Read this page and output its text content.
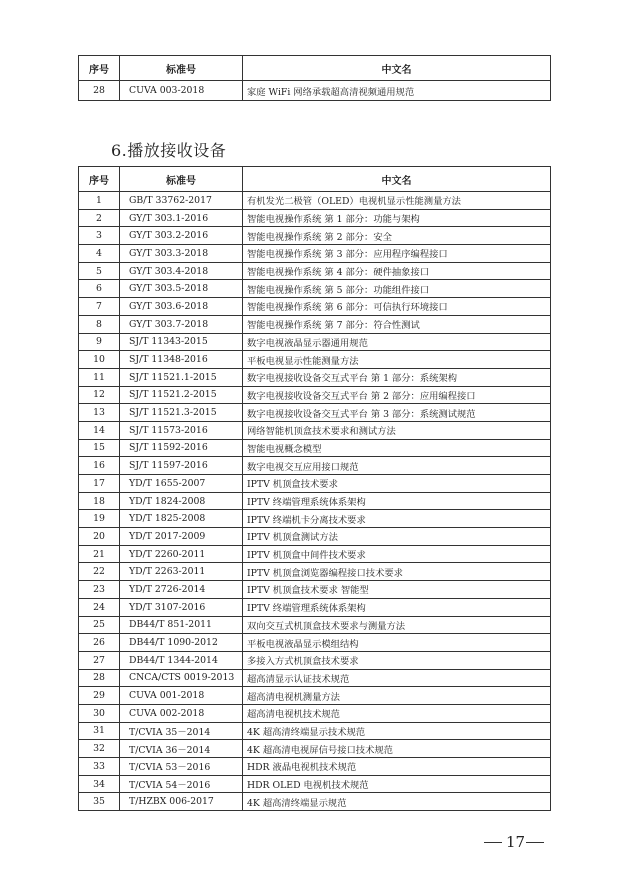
序号	标准号	中文名
28	CUVA 003-2018	家庭 WiFi 网络承载超高清视频通用规范
6.播放接收设备
序号	标准号	中文名
1	GB/T 33762-2017	有机发光二极管（OLED）电视机显示性能测量方法
2	GY/T 303.1-2016	智能电视操作系统 第 1 部分：功能与架构
3	GY/T 303.2-2016	智能电视操作系统 第 2 部分：安全
4	GY/T 303.3-2018	智能电视操作系统 第 3 部分：应用程序编程接口
5	GY/T 303.4-2018	智能电视操作系统 第 4 部分：硬件抽象接口
6	GY/T 303.5-2018	智能电视操作系统 第 5 部分：功能组件接口
7	GY/T 303.6-2018	智能电视操作系统 第 6 部分：可信执行环境接口
8	GY/T 303.7-2018	智能电视操作系统 第 7 部分：符合性测试
9	SJ/T 11343-2015	数字电视液晶显示器通用规范
10	SJ/T 11348-2016	平板电视显示性能测量方法
11	SJ/T 11521.1-2015	数字电视接收设备交互式平台 第 1 部分：系统架构
12	SJ/T 11521.2-2015	数字电视接收设备交互式平台 第 2 部分：应用编程接口
13	SJ/T 11521.3-2015	数字电视接收设备交互式平台 第 3 部分：系统测试规范
14	SJ/T 11573-2016	网络智能机顶盒技术要求和测试方法
15	SJ/T 11592-2016	智能电视概念模型
16	SJ/T 11597-2016	数字电视交互应用接口规范
17	YD/T 1655-2007	IPTV 机顶盒技术要求
18	YD/T 1824-2008	IPTV 终端管理系统体系架构
19	YD/T 1825-2008	IPTV 终端机卡分离技术要求
20	YD/T 2017-2009	IPTV 机顶盒测试方法
21	YD/T 2260-2011	IPTV 机顶盒中间件技术要求
22	YD/T 2263-2011	IPTV 机顶盒浏览器编程接口技术要求
23	YD/T 2726-2014	IPTV 机顶盒技术要求 智能型
24	YD/T 3107-2016	IPTV 终端管理系统体系架构
25	DB44/T 851-2011	双向交互式机顶盒技术要求与测量方法
26	DB44/T 1090-2012	平板电视液晶显示模组结构
27	DB44/T 1344-2014	多接入方式机顶盒技术要求
28	CNCA/CTS 0019-2013	超高清显示认证技术规范
29	CUVA 001-2018	超高清电视机测量方法
30	CUVA 002-2018	超高清电视机技术规范
31	T/CVIA 35－2014	4K 超高清终端显示技术规范
32	T/CVIA 36－2014	4K 超高清电视屏信号接口技术规范
33	T/CVIA 53－2016	HDR 液晶电视机技术规范
34	T/CVIA 54－2016	HDR OLED 电视机技术规范
35	T/HZBX 006-2017	4K 超高清终端显示规范
17
